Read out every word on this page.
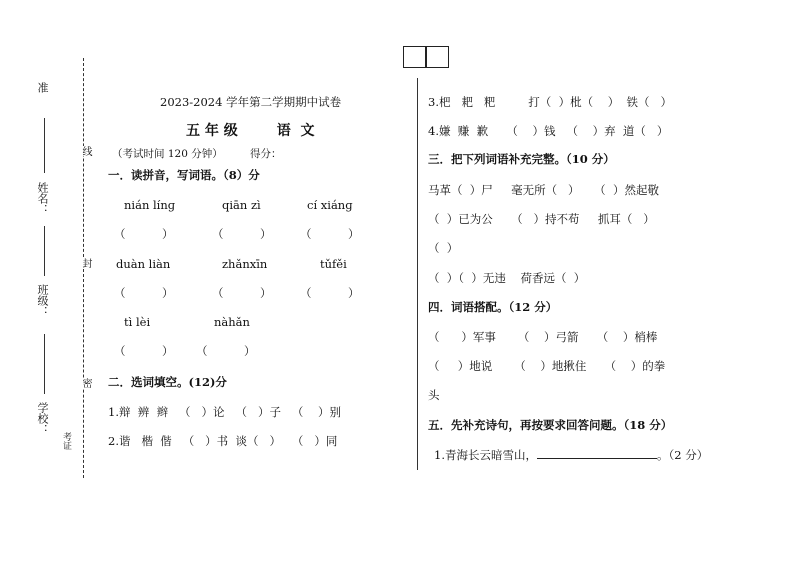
准
姓名：
班级：
学校：
考证
线
封
密
2023-2024 学年第二学期期中试卷
五 年 级        语  文
（考试时间 120 分钟）	得分：
一．读拼音，写词语。（8）分
nián línɡ	qiān zì	cí xiánɡ
（          ）	（          ） （          ）
duàn liàn	zhǎnxīn	tǔfěi
（          ）	（          ） （          ）
tì lèi	nàhǎn
（          ） （          ）
二．选词填空。(12)分
1.辩  辨  辫   （   ）论   （   ）子   （    ）别
2.谐   楷  偕   （   ）书  谈（   ）   （   ）同
3.杷   耙   粑         打（  ）枇（    ）  铁（   ）
4.嫌  赚  歉     （    ）钱   （    ）弃  道（   ）
三．把下列词语补充完整。（10 分）
马革（  ）尸     毫无所（   ）    （  ）然起敬
（  ）已为公     （   ）持不苟     抓耳（   ）
（  ）
（  ）（  ）无违    荷香远（  ）
四．词语搭配。（12 分）
（      ）军事      （    ）弓箭     （    ）梢棒
（     ）地说      （    ）地揪住     （    ）的拳
头
五．先补充诗句，再按要求回答问题。（18 分）
1.青海长云暗雪山，	。（2 分）
